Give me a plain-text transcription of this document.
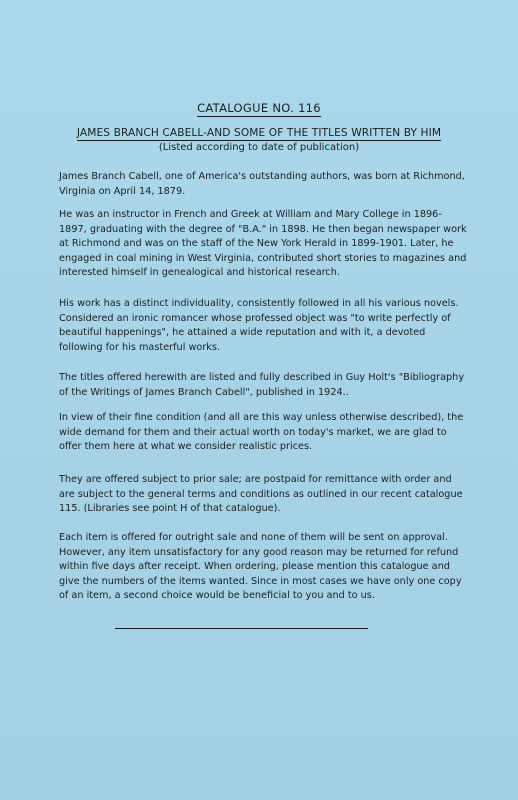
CATALOGUE NO. 116
JAMES BRANCH CABELL-AND SOME OF THE TITLES WRITTEN BY HIM
(Listed according to date of publication)

James Branch Cabell, one of America's outstanding authors, was born at Richmond, Virginia on April 14, 1879.

He was an instructor in French and Greek at William and Mary College in 1896-1897, graduating with the degree of "B.A." in 1898. He then began newspaper work at Richmond and was on the staff of the New York Herald in 1899-1901. Later, he engaged in coal mining in West Virginia, contributed short stories to magazines and interested himself in genealogical and historical research.

His work has a distinct individuality, consistently followed in all his various novels. Considered an ironic romancer whose professed object was "to write perfectly of beautiful happenings", he attained a wide reputation and with it, a devoted following for his masterful works.

The titles offered herewith are listed and fully described in Guy Holt's "Bibliography of the Writings of James Branch Cabell", published in 1924..

In view of their fine condition (and all are this way unless otherwise described), the wide demand for them and their actual worth on today's market, we are glad to offer them here at what we consider realistic prices.

They are offered subject to prior sale; are postpaid for remittance with order and are subject to the general terms and conditions as outlined in our recent catalogue 115. (Libraries see point H of that catalogue).

Each item is offered for outright sale and none of them will be sent on approval. However, any item unsatisfactory for any good reason may be returned for refund within five days after receipt. When ordering, please mention this catalogue and give the numbers of the items wanted. Since in most cases we have only one copy of an item, a second choice would be beneficial to you and to us.
